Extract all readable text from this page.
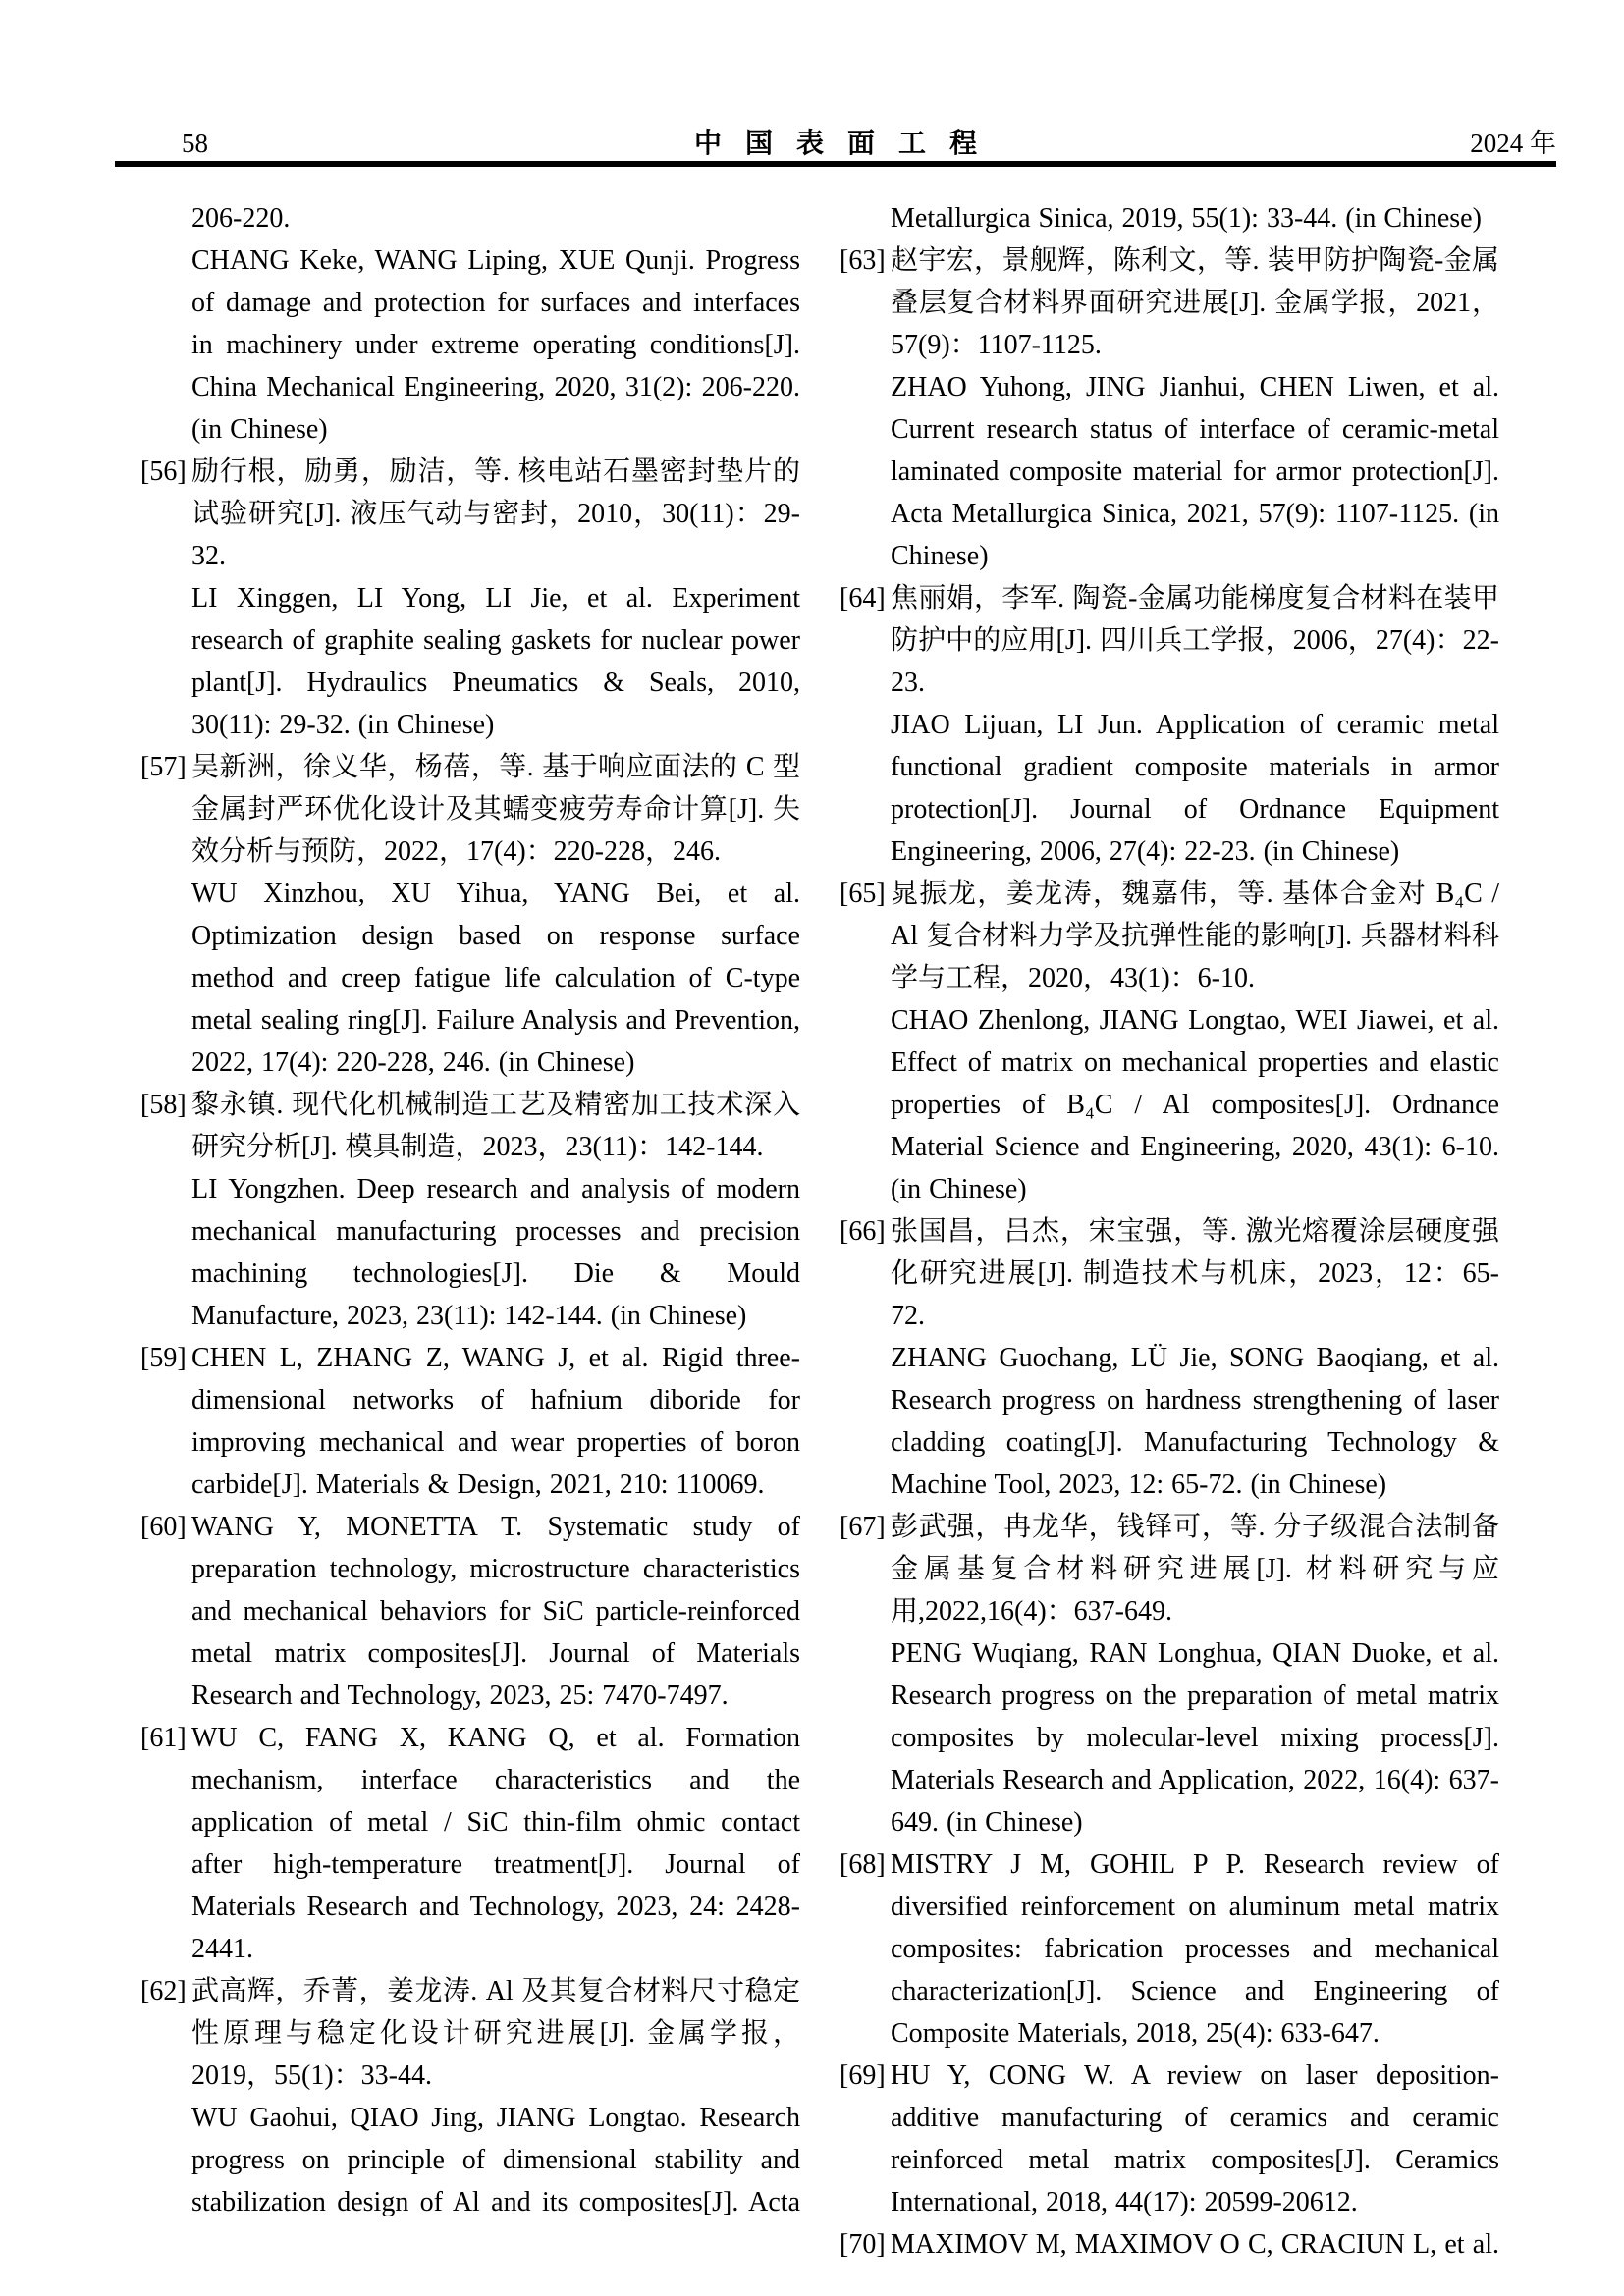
58	中国表面工程	2024 年

206-220.

CHANG Keke, WANG Liping, XUE Qunji. Progress of damage and protection for surfaces and interfaces in machinery under extreme operating conditions[J]. China Mechanical Engineering, 2020, 31(2): 206-220. (in Chinese)

[56] 励行根，励勇，励洁，等. 核电站石墨密封垫片的试验研究[J]. 液压气动与密封，2010，30(11)：29-32.

LI Xinggen, LI Yong, LI Jie, et al. Experiment research of graphite sealing gaskets for nuclear power plant[J]. Hydraulics Pneumatics & Seals, 2010, 30(11): 29-32. (in Chinese)

[57] 吴新洲，徐义华，杨蓓，等. 基于响应面法的 C 型金属封严环优化设计及其蠕变疲劳寿命计算[J]. 失效分析与预防，2022，17(4)：220-228，246.

WU Xinzhou, XU Yihua, YANG Bei, et al. Optimization design based on response surface method and creep fatigue life calculation of C-type metal sealing ring[J]. Failure Analysis and Prevention, 2022, 17(4): 220-228, 246. (in Chinese)

[58] 黎永镇. 现代化机械制造工艺及精密加工技术深入研究分析[J]. 模具制造，2023，23(11)：142-144.

LI Yongzhen. Deep research and analysis of modern mechanical manufacturing processes and precision machining technologies[J]. Die & Mould Manufacture, 2023, 23(11): 142-144. (in Chinese)

[59] CHEN L, ZHANG Z, WANG J, et al. Rigid three-dimensional networks of hafnium diboride for improving mechanical and wear properties of boron carbide[J]. Materials & Design, 2021, 210: 110069.

[60] WANG Y, MONETTA T. Systematic study of preparation technology, microstructure characteristics and mechanical behaviors for SiC particle-reinforced metal matrix composites[J]. Journal of Materials Research and Technology, 2023, 25: 7470-7497.

[61] WU C, FANG X, KANG Q, et al. Formation mechanism, interface characteristics and the application of metal / SiC thin-film ohmic contact after high-temperature treatment[J]. Journal of Materials Research and Technology, 2023, 24: 2428-2441.

[62] 武高辉，乔菁，姜龙涛. Al 及其复合材料尺寸稳定性原理与稳定化设计研究进展[J]. 金属学报，2019，55(1)：33-44.

WU Gaohui, QIAO Jing, JIANG Longtao. Research progress on principle of dimensional stability and stabilization design of Al and its composites[J]. Acta

Metallurgica Sinica, 2019, 55(1): 33-44. (in Chinese)

[63] 赵宇宏，景舰辉，陈利文，等. 装甲防护陶瓷-金属叠层复合材料界面研究进展[J]. 金属学报，2021，57(9)：1107-1125.

ZHAO Yuhong, JING Jianhui, CHEN Liwen, et al. Current research status of interface of ceramic-metal laminated composite material for armor protection[J]. Acta Metallurgica Sinica, 2021, 57(9): 1107-1125. (in Chinese)

[64] 焦丽娟，李军. 陶瓷-金属功能梯度复合材料在装甲防护中的应用[J]. 四川兵工学报，2006，27(4)：22-23.

JIAO Lijuan, LI Jun. Application of ceramic metal functional gradient composite materials in armor protection[J]. Journal of Ordnance Equipment Engineering, 2006, 27(4): 22-23. (in Chinese)

[65] 晁振龙，姜龙涛，魏嘉伟，等. 基体合金对 B₄C / Al 复合材料力学及抗弹性能的影响[J]. 兵器材料科学与工程，2020，43(1)：6-10.

CHAO Zhenlong, JIANG Longtao, WEI Jiawei, et al. Effect of matrix on mechanical properties and elastic properties of B₄C / Al composites[J]. Ordnance Material Science and Engineering, 2020, 43(1): 6-10. (in Chinese)

[66] 张国昌，吕杰，宋宝强，等. 激光熔覆涂层硬度强化研究进展[J]. 制造技术与机床，2023，12：65-72.

ZHANG Guochang, LÜ Jie, SONG Baoqiang, et al. Research progress on hardness strengthening of laser cladding coating[J]. Manufacturing Technology & Machine Tool, 2023, 12: 65-72. (in Chinese)

[67] 彭武强，冉龙华，钱铎可，等. 分子级混合法制备金属基复合材料研究进展[J]. 材料研究与应用,2022,16(4)：637-649.

PENG Wuqiang, RAN Longhua, QIAN Duoke, et al. Research progress on the preparation of metal matrix composites by molecular-level mixing process[J]. Materials Research and Application, 2022, 16(4): 637-649. (in Chinese)

[68] MISTRY J M, GOHIL P P. Research review of diversified reinforcement on aluminum metal matrix composites: fabrication processes and mechanical characterization[J]. Science and Engineering of Composite Materials, 2018, 25(4): 633-647.

[69] HU Y, CONG W. A review on laser deposition-additive manufacturing of ceramics and ceramic reinforced metal matrix composites[J]. Ceramics International, 2018, 44(17): 20599-20612.

[70] MAXIMOV M, MAXIMOV O C, CRACIUN L, et al.
